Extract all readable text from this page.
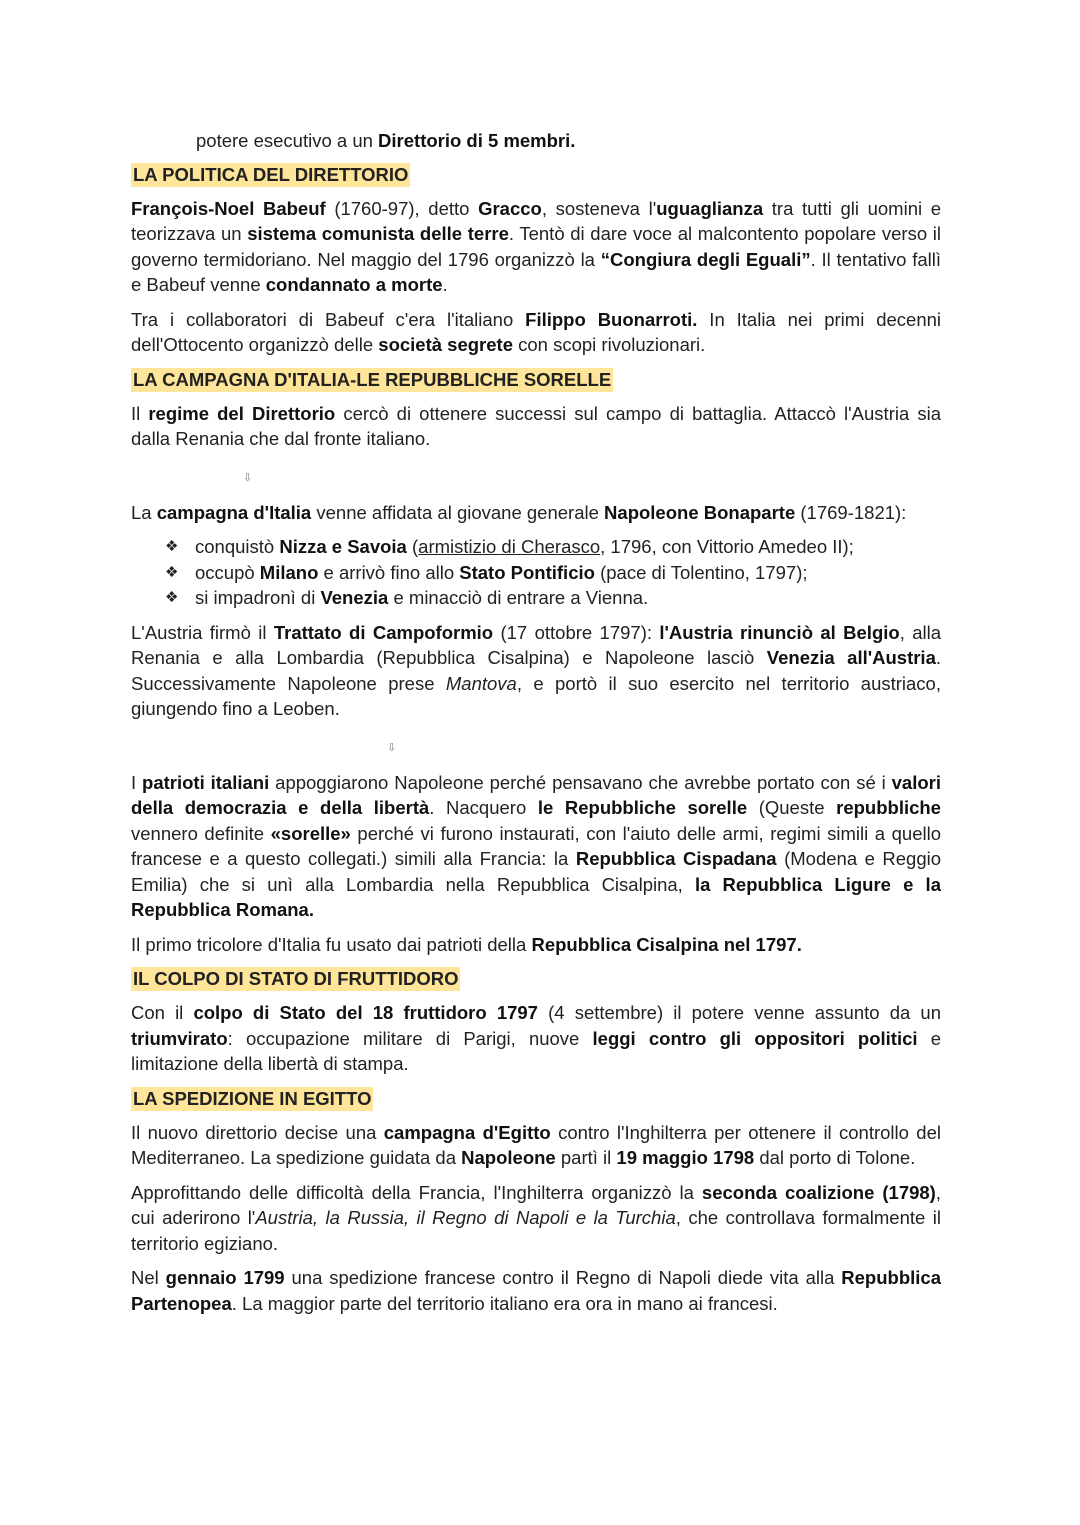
potere esecutivo a un Direttorio di 5 membri.

LA POLITICA DEL DIRETTORIO

François-Noel Babeuf (1760-97), detto Gracco, sosteneva l'uguaglianza tra tutti gli uomini e teorizzava un sistema comunista delle terre. Tentò di dare voce al malcontento popolare verso il governo termidoriano. Nel maggio del 1796 organizzò la “Congiura degli Eguali”. Il tentativo fallì e Babeuf venne condannato a morte.

Tra i collaboratori di Babeuf c'era l'italiano Filippo Buonarroti. In Italia nei primi decenni dell'Ottocento organizzò delle società segrete con scopi rivoluzionari.

LA CAMPAGNA D'ITALIA-LE REPUBBLICHE SORELLE

Il regime del Direttorio cercò di ottenere successi sul campo di battaglia. Attaccò l'Austria sia dalla Renania che dal fronte italiano.

⇩

La campagna d'Italia venne affidata al giovane generale Napoleone Bonaparte (1769-1821):

❖ conquistò Nizza e Savoia (armistizio di Cherasco, 1796, con Vittorio Amedeo II);
❖ occupò Milano e arrivò fino allo Stato Pontificio (pace di Tolentino, 1797);
❖ si impadronì di Venezia e minacciò di entrare a Vienna.

L'Austria firmò il Trattato di Campoformio (17 ottobre 1797): l'Austria rinunciò al Belgio, alla Renania e alla Lombardia (Repubblica Cisalpina) e Napoleone lasciò Venezia all'Austria. Successivamente Napoleone prese Mantova, e portò il suo esercito nel territorio austriaco, giungendo fino a Leoben.

⇩

I patrioti italiani appoggiarono Napoleone perché pensavano che avrebbe portato con sé i valori della democrazia e della libertà. Nacquero le Repubbliche sorelle (Queste repubbliche vennero definite «sorelle» perché vi furono instaurati, con l'aiuto delle armi, regimi simili a quello francese e a questo collegati.) simili alla Francia: la Repubblica Cispadana (Modena e Reggio Emilia) che si unì alla Lombardia nella Repubblica Cisalpina, la Repubblica Ligure e la Repubblica Romana.

Il primo tricolore d'Italia fu usato dai patrioti della Repubblica Cisalpina nel 1797.

IL COLPO DI STATO DI FRUTTIDORO

Con il colpo di Stato del 18 fruttidoro 1797 (4 settembre) il potere venne assunto da un triumvirato: occupazione militare di Parigi, nuove leggi contro gli oppositori politici e limitazione della libertà di stampa.

LA SPEDIZIONE IN EGITTO

Il nuovo direttorio decise una campagna d'Egitto contro l'Inghilterra per ottenere il controllo del Mediterraneo. La spedizione guidata da Napoleone partì il 19 maggio 1798 dal porto di Tolone.

Approfittando delle difficoltà della Francia, l'Inghilterra organizzò la seconda coalizione (1798), cui aderirono l'Austria, la Russia, il Regno di Napoli e la Turchia, che controllava formalmente il territorio egiziano.

Nel gennaio 1799 una spedizione francese contro il Regno di Napoli diede vita alla Repubblica Partenopea. La maggior parte del territorio italiano era ora in mano ai francesi.
